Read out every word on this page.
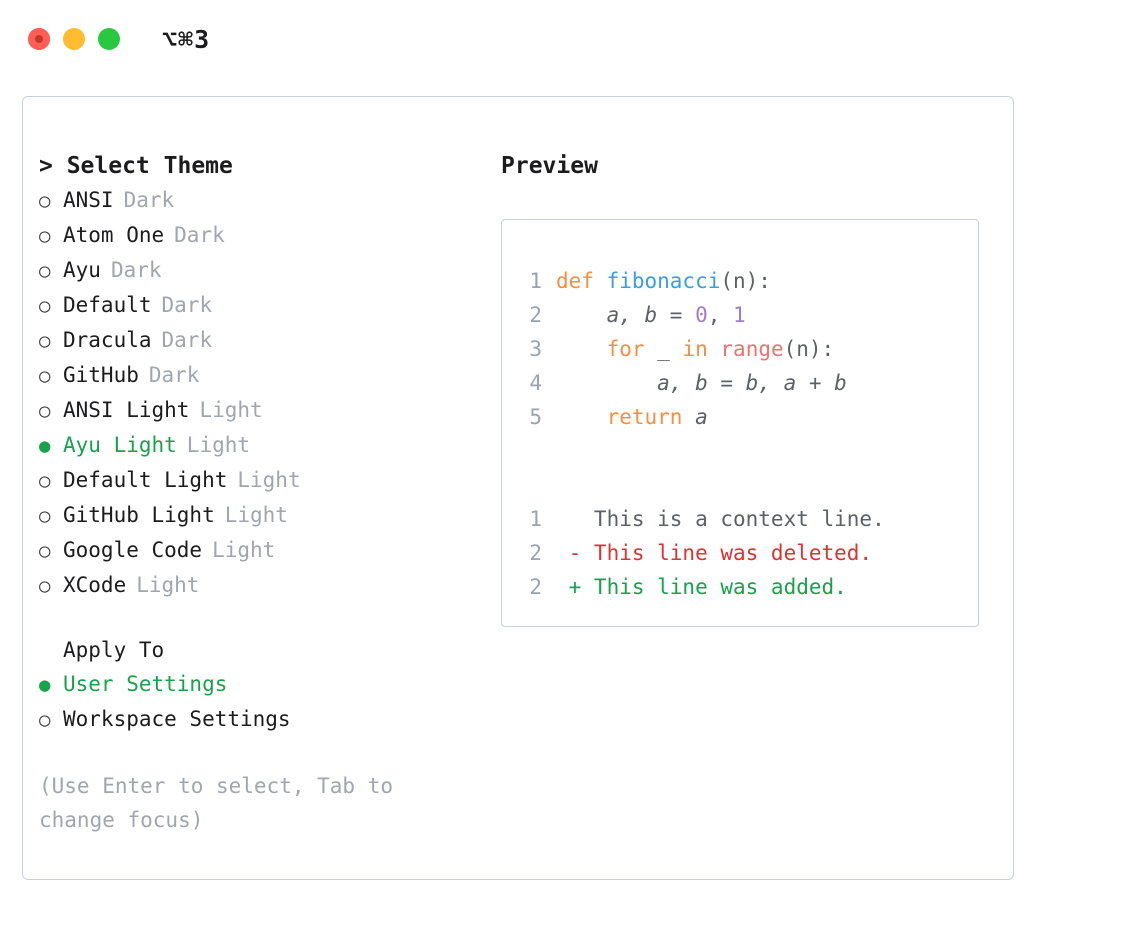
⌥⌘3
> Select Theme
○ ANSI Dark
○ Atom One Dark
○ Ayu Dark
○ Default Dark
○ Dracula Dark
○ GitHub Dark
○ ANSI Light Light
● Ayu Light Light
○ Default Light Light
○ GitHub Light Light
○ Google Code Light
○ XCode Light
Apply To
● User Settings
○ Workspace Settings
(Use Enter to select, Tab to change focus)
Preview
1 def fibonacci(n):
2 a, b = 0, 1
3	for _ in range(n):
4 a, b = b, a + b
5	return a
1 This is a context line.
2 - This line was deleted.
2 + This line was added.
